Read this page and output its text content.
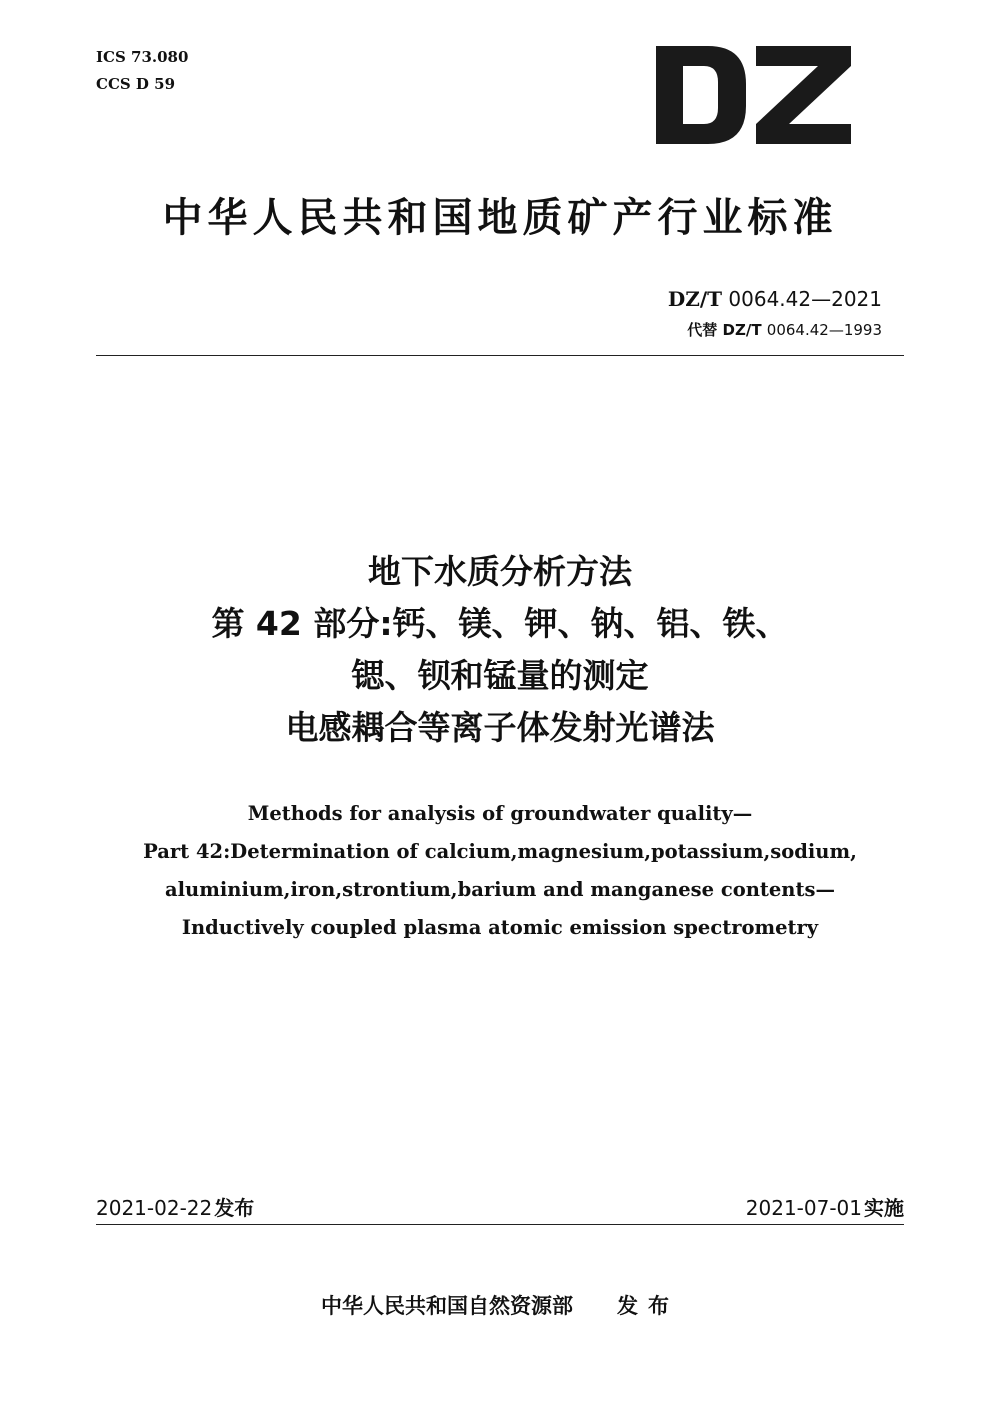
ICS 73.080
CCS D 59
中华人民共和国地质矿产行业标准
DZ/T 0064.42—2021
代替 DZ/T 0064.42—1993
地下水质分析方法
第 42 部分:钙、镁、钾、钠、铝、铁、
锶、钡和锰量的测定
电感耦合等离子体发射光谱法
Methods for analysis of groundwater quality—
Part 42:Determination of calcium,magnesium,potassium,sodium,
aluminium,iron,strontium,barium and manganese contents—
Inductively coupled plasma atomic emission spectrometry
2021-02-22 发布	2021-07-01 实施
中华人民共和国自然资源部 发布
